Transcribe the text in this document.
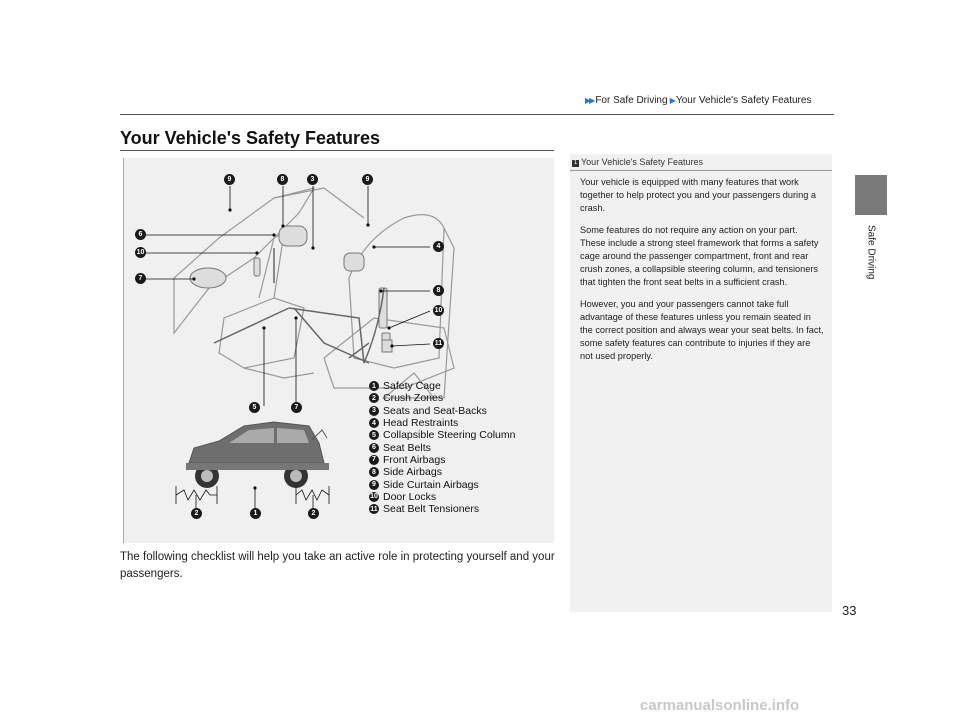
▶▶ For Safe Driving ▶ Your Vehicle's Safety Features
Safe Driving
Your Vehicle's Safety Features
9	8	3	9
6
10
7
4
8
10
11
5	7
2	1	2
1 Safety Cage
2 Crush Zones
3 Seats and Seat-Backs
4 Head Restraints
5 Collapsible Steering Column
6 Seat Belts
7 Front Airbags
8 Side Airbags
9 Side Curtain Airbags
10 Door Locks
11 Seat Belt Tensioners
The following checklist will help you take an active role in protecting yourself and your passengers.
1 Your Vehicle's Safety Features

Your vehicle is equipped with many features that work together to help protect you and your passengers during a crash.

Some features do not require any action on your part. These include a strong steel framework that forms a safety cage around the passenger compartment, front and rear crush zones, a collapsible steering column, and tensioners that tighten the front seat belts in a sufficient crash.

However, you and your passengers cannot take full advantage of these features unless you remain seated in the correct position and always wear your seat belts. In fact, some safety features can contribute to injuries if they are not used properly.

33
carmanualsonline.info
